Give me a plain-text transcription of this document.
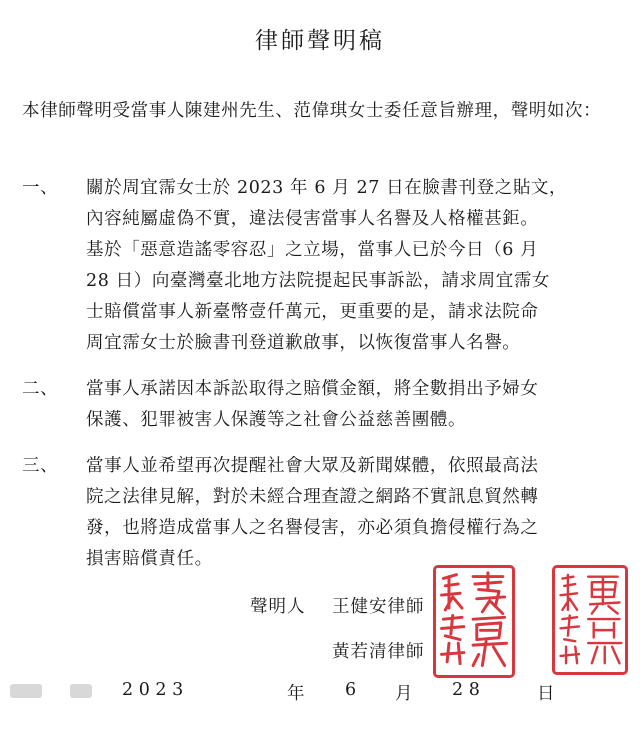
律師聲明稿
本律師聲明受當事人陳建州先生、范偉琪女士委任意旨辦理，聲明如次：
一、	關於周宜霈女士於 2023 年 6 月 27 日在臉書刊登之貼文，
內容純屬虛偽不實，違法侵害當事人名譽及人格權甚鉅。
基於「惡意造謠零容忍」之立場，當事人已於今日（6 月
28 日）向臺灣臺北地方法院提起民事訴訟，請求周宜霈女
士賠償當事人新臺幣壹仟萬元，更重要的是，請求法院命
周宜霈女士於臉書刊登道歉啟事，以恢復當事人名譽。
二、	當事人承諾因本訴訟取得之賠償金額，將全數捐出予婦女
保護、犯罪被害人保護等之社會公益慈善團體。
三、	當事人並希望再次提醒社會大眾及新聞媒體，依照最高法
院之法律見解，對於未經合理查證之網路不實訊息貿然轉
發，也將造成當事人之名譽侵害，亦必須負擔侵權行為之
損害賠償責任。
聲明人 王健安律師
黃若清律師
2 0 2 3	年 6 月 2 8	日
